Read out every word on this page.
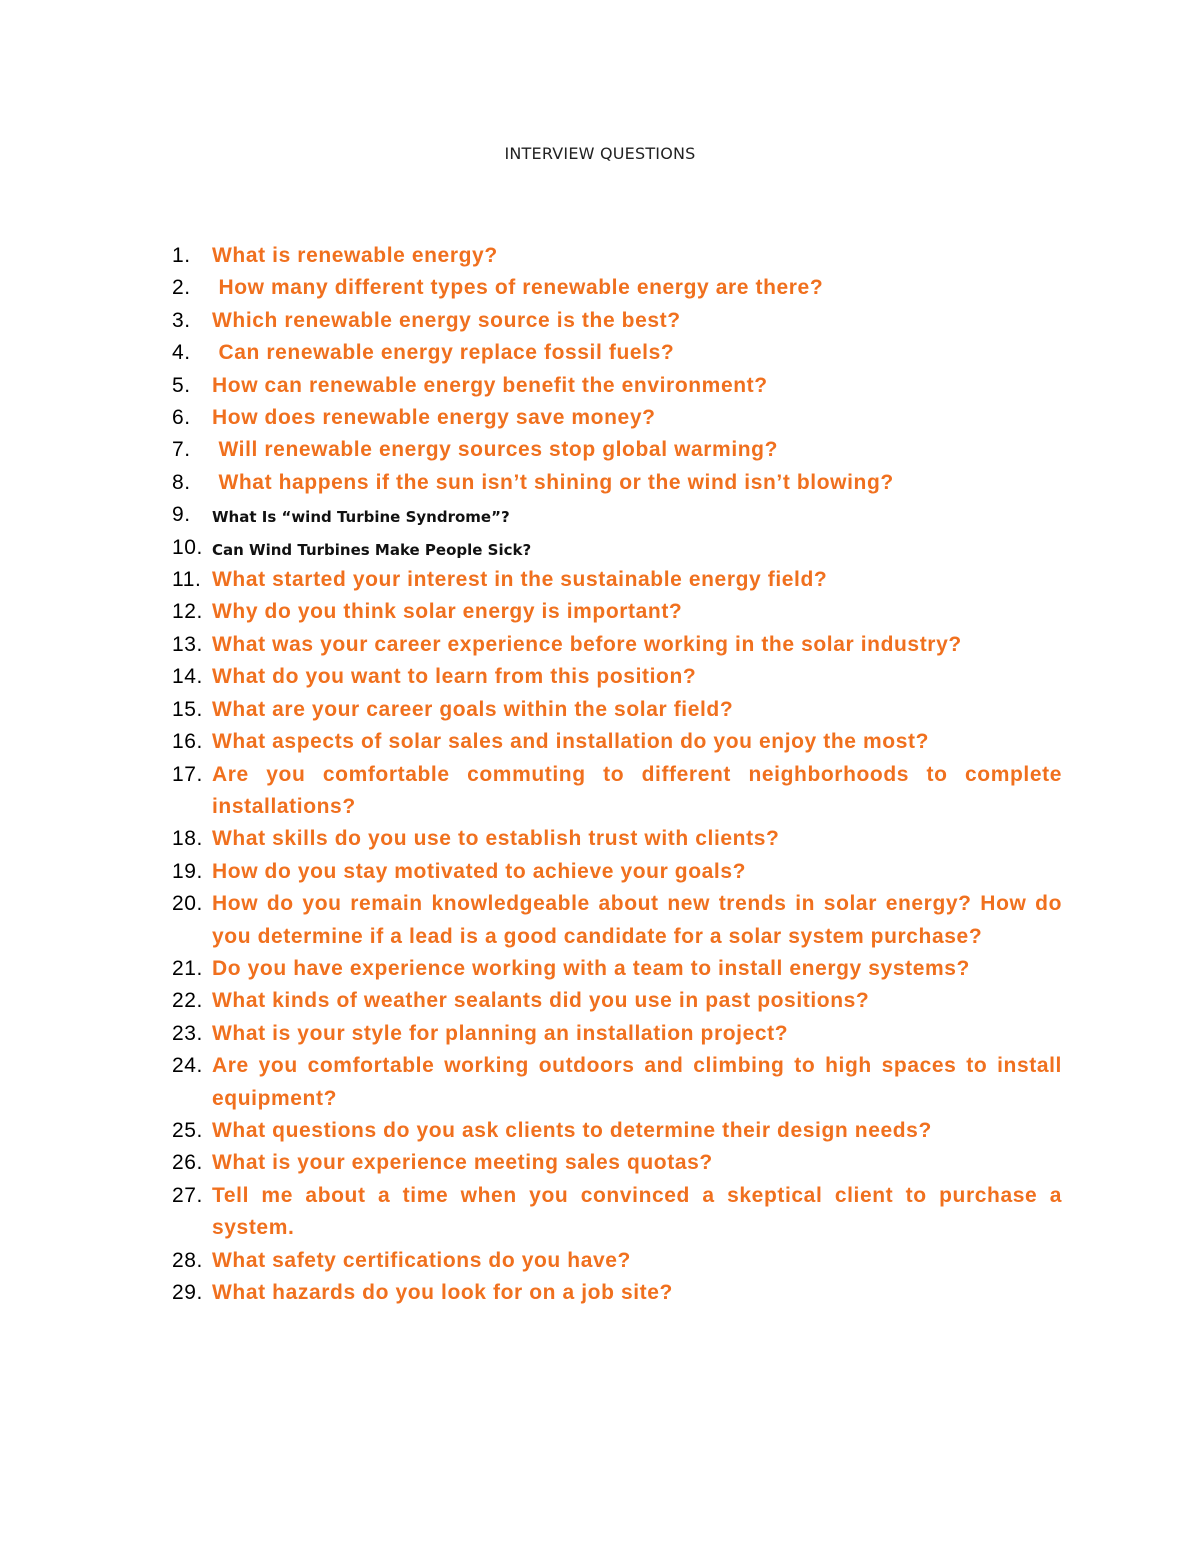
INTERVIEW QUESTIONS
1.	What is renewable energy?
2.	How many different types of renewable energy are there?
3.	Which renewable energy source is the best?
4.	Can renewable energy replace fossil fuels?
5.	How can renewable energy benefit the environment?
6.	How does renewable energy save money?
7.	Will renewable energy sources stop global warming?
8.	What happens if the sun isn’t shining or the wind isn’t blowing?
9.	What Is “wind Turbine Syndrome”?
10. Can Wind Turbines Make People Sick?
11. What started your interest in the sustainable energy field?
12. Why do you think solar energy is important?
13. What was your career experience before working in the solar industry?
14. What do you want to learn from this position?
15. What are your career goals within the solar field?
16. What aspects of solar sales and installation do you enjoy the most?
17. Are you comfortable commuting to different neighborhoods to complete installations?
18. What skills do you use to establish trust with clients?
19. How do you stay motivated to achieve your goals?
20. How do you remain knowledgeable about new trends in solar energy? How do you determine if a lead is a good candidate for a solar system purchase?
21. Do you have experience working with a team to install energy systems?
22. What kinds of weather sealants did you use in past positions?
23. What is your style for planning an installation project?
24. Are you comfortable working outdoors and climbing to high spaces to install equipment?
25. What questions do you ask clients to determine their design needs?
26. What is your experience meeting sales quotas?
27. Tell me about a time when you convinced a skeptical client to purchase a system.
28. What safety certifications do you have?
29. What hazards do you look for on a job site?
